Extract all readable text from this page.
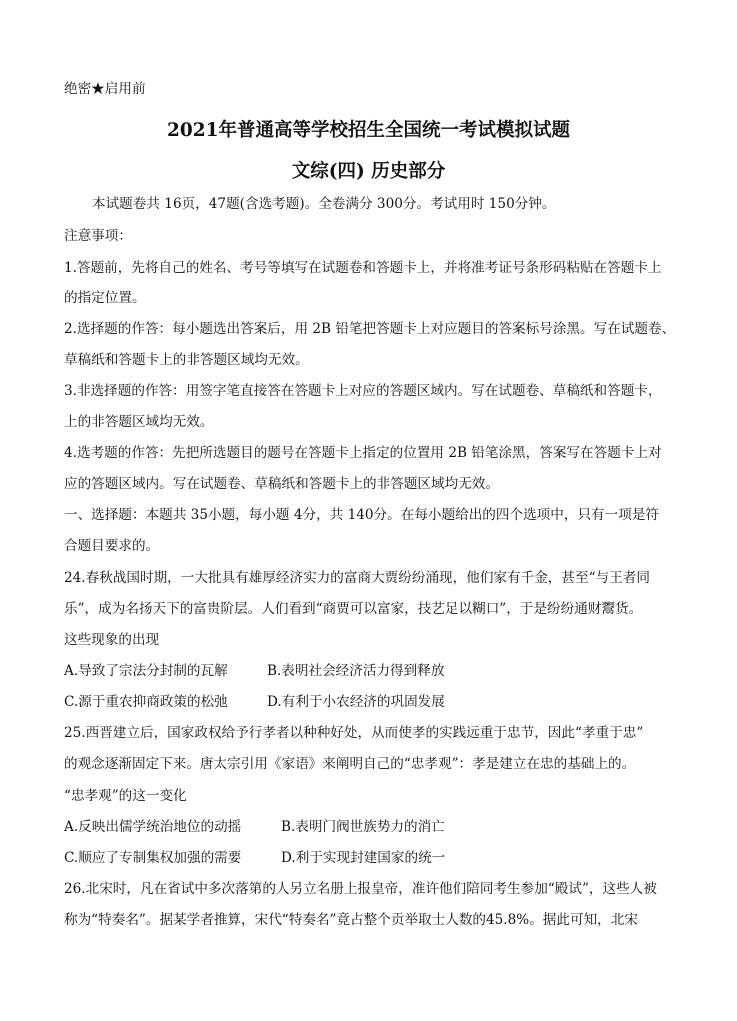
绝密★启用前
2021年普通高等学校招生全国统一考试模拟试题
文综(四) 历史部分
本试题卷共 16页，47题(含选考题)。全卷满分 300分。考试用时 150分钟。
注意事项：
1.答题前，先将自己的姓名、考号等填写在试题卷和答题卡上，并将准考证号条形码粘贴在答题卡上
的指定位置。
2.选择题的作答：每小题选出答案后，用 2B 铅笔把答题卡上对应题目的答案标号涂黑。写在试题卷、
草稿纸和答题卡上的非答题区域均无效。
3.非选择题的作答：用签字笔直接答在答题卡上对应的答题区域内。写在试题卷、草稿纸和答题卡，
上的非答题区域均无效。
4.选考题的作答：先把所选题目的题号在答题卡上指定的位置用 2B 铅笔涂黑，答案写在答题卡上对
应的答题区域内。写在试题卷、草稿纸和答题卡上的非答题区域均无效。
一、选择题：本题共 35小题，每小题 4分，共 140分。在每小题给出的四个选项中，只有一项是符
合题目要求的。
24.春秋战国时期，一大批具有雄厚经济实力的富商大贾纷纷涌现，他们家有千金，甚至“与王者同
乐”，成为名扬天下的富贵阶层。人们看到“商贾可以富家，技艺足以糊口”，于是纷纷通财鬻货。
这些现象的出现
A.导致了宗法分封制的瓦解	B.表明社会经济活力得到释放
C.源于重农抑商政策的松弛	D.有利于小农经济的巩固发展
25.西晋建立后，国家政权给予行孝者以种种好处，从而使孝的实践远重于忠节，因此“孝重于忠”
的观念逐渐固定下来。唐太宗引用《家语》来阐明自己的“忠孝观”：孝是建立在忠的基础上的。
“忠孝观”的这一变化
A.反映出儒学统治地位的动摇	B.表明门阀世族势力的消亡
C.顺应了专制集权加强的需要	D.利于实现封建国家的统一
26.北宋时，凡在省试中多次落第的人另立名册上报皇帝，准许他们陪同考生参加“殿试”，这些人被
称为“特奏名”。据某学者推算，宋代“特奏名”竟占整个贡举取士人数的45.8%。据此可知，北宋
